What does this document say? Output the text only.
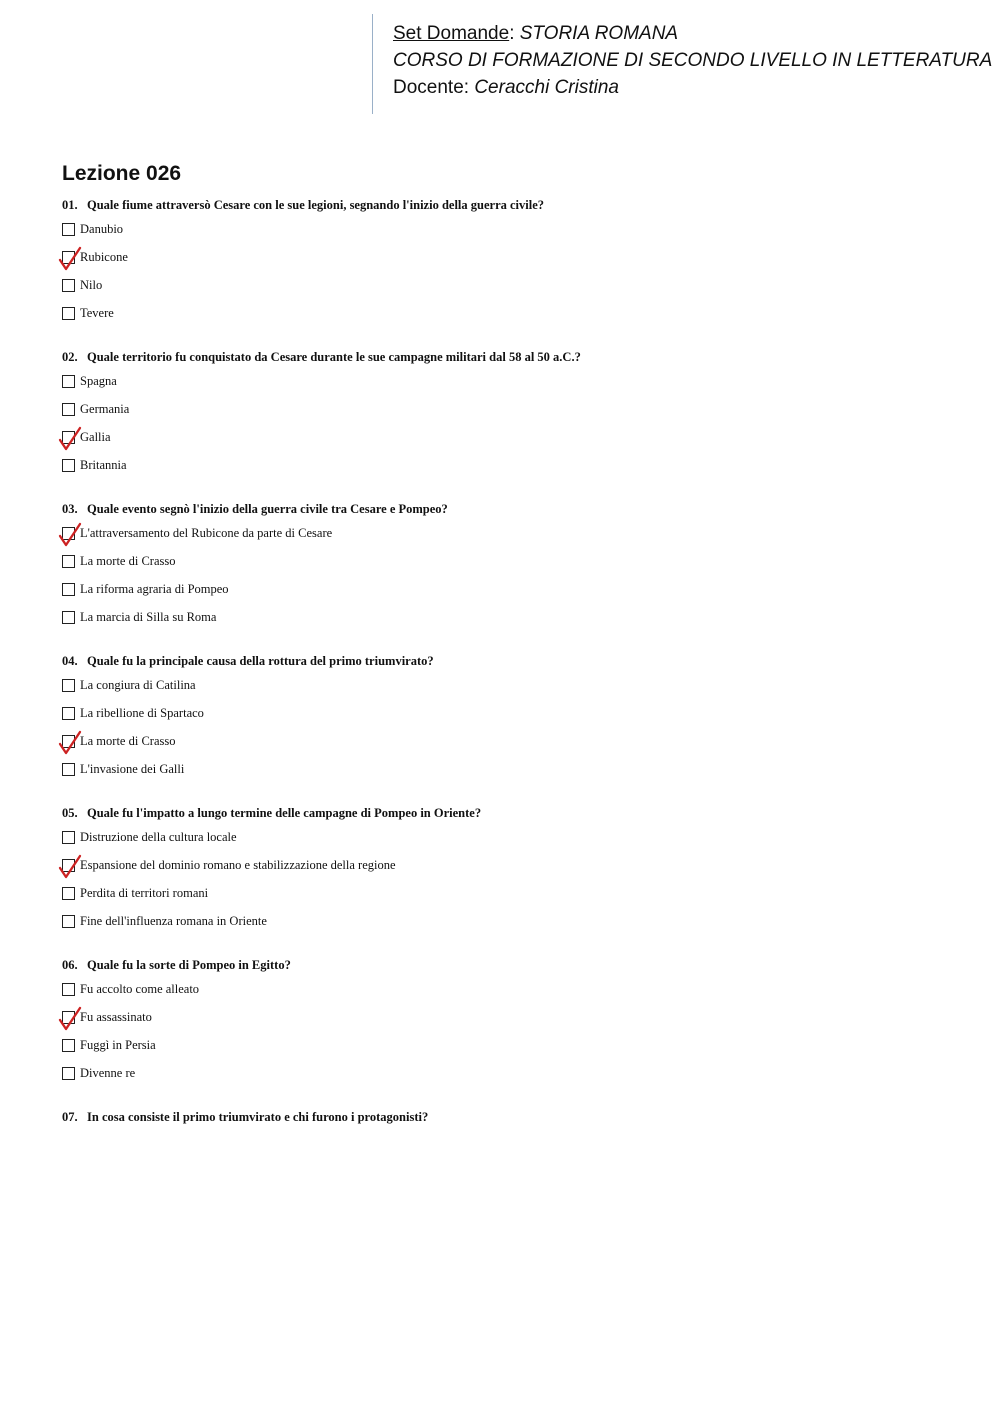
Set Domande: STORIA ROMANA
CORSO DI FORMAZIONE DI SECONDO LIVELLO IN LETTERATURA
Docente: Ceracchi Cristina
Lezione 026
01. Quale fiume attraversò Cesare con le sue legioni, segnando l'inizio della guerra civile?
Danubio
Rubicone
Nilo
Tevere
02. Quale territorio fu conquistato da Cesare durante le sue campagne militari dal 58 al 50 a.C.?
Spagna
Germania
Gallia
Britannia
03. Quale evento segnò l'inizio della guerra civile tra Cesare e Pompeo?
L'attraversamento del Rubicone da parte di Cesare
La morte di Crasso
La riforma agraria di Pompeo
La marcia di Silla su Roma
04. Quale fu la principale causa della rottura del primo triumvirato?
La congiura di Catilina
La ribellione di Spartaco
La morte di Crasso
L'invasione dei Galli
05. Quale fu l'impatto a lungo termine delle campagne di Pompeo in Oriente?
Distruzione della cultura locale
Espansione del dominio romano e stabilizzazione della regione
Perdita di territori romani
Fine dell'influenza romana in Oriente
06. Quale fu la sorte di Pompeo in Egitto?
Fu accolto come alleato
Fu assassinato
Fuggì in Persia
Divenne re
07. In cosa consiste il primo triumvirato e chi furono i protagonisti?
